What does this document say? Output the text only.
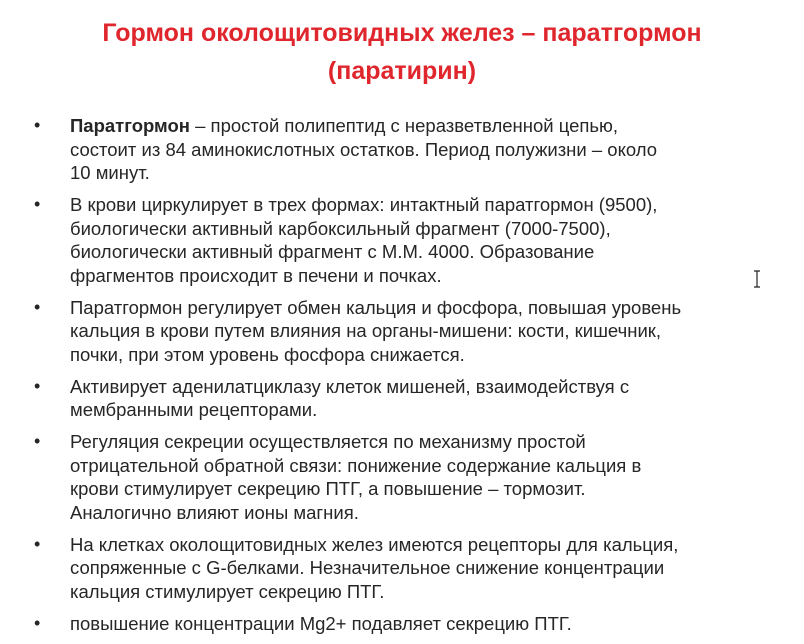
Гормон околощитовидных желез – паратгормон
(паратирин)
• Паратгормон – простой полипептид с неразветвленной цепью,
состоит из 84 аминокислотных остатков. Период полужизни – около
10 минут.
• В крови циркулирует в трех формах: интактный паратгормон (9500),
биологически активный карбоксильный фрагмент (7000-7500),
биологически активный фрагмент с М.М. 4000. Образование
фрагментов происходит в печени и почках.
• Паратгормон регулирует обмен кальция и фосфора, повышая уровень
кальция в крови путем влияния на органы-мишени: кости, кишечник,
почки, при этом уровень фосфора снижается.
• Активирует аденилатциклазу клеток мишеней, взаимодействуя с
мембранными рецепторами.
• Регуляция секреции осуществляется по механизму простой
отрицательной обратной связи: понижение содержание кальция в
крови стимулирует секрецию ПТГ, а повышение – тормозит.
Аналогично влияют ионы магния.
• На клетках околощитовидных желез имеются рецепторы для кальция,
сопряженные с G-белками. Незначительное снижение концентрации
кальция стимулирует секрецию ПТГ.
• повышение концентрации Mg2+ подавляет секрецию ПТГ.
